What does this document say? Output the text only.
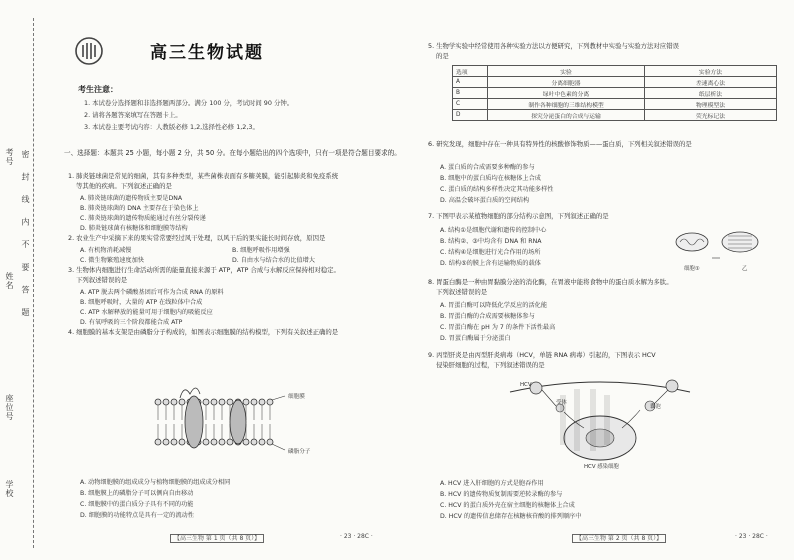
考号
姓名
座位号
密 封 线 内 不 要 答 题
学校
高三生物试题
考生注意：
1. 本试卷分选择题和非选择题两部分。满分 100 分，考试时间 90 分钟。
2. 请将各题答案填写在答题卡上。
3. 本试卷主要考试内容：人教版必修 1,2,选择性必修 1,2,3。
一、选择题：本题共 25 小题，每小题 2 分，共 50 分。在每小题给出的四个选项中，只有一项是符合题目要求的。
1. 肺炎链球菌是常见的细菌，其有多种类型，某些菌株表面有多糖荚膜，能引起肺炎和免疫系统
等其他的疾病。下列叙述正确的是
A. 肺炎链球菌的遗传物质主要是DNA
B. 肺炎链球菌的 DNA 主要存在于染色体上
C. 肺炎链球菌的遗传物质能通过有丝分裂传递
D. 肺炎链球菌有核糖体和细胞膜等结构
2. 农业生产中采摘下来的果实常常要经过风干处理，以风干后的果实能长时间存放，原因是
A. 有机物消耗减慢	B. 细胞呼吸作用增强
C. 微生物繁殖速度加快	D. 自由水与结合水的比值增大
3. 生物体内细胞进行生命活动所需的能量直接来源于 ATP，ATP 合成与水解反应保持相对稳定。
下列叙述错误的是
A. ATP 脱去两个磷酸基团后可作为合成 RNA 的原料
B. 细胞呼吸时，大量的 ATP 在线粒体中合成
C. ATP 水解释放的能量可用于细胞内的吸能反应
D. 有氧呼吸的三个阶段都能合成 ATP
4. 细胞膜的基本支架是由磷脂分子构成的，如图表示细胞膜的结构模型，下列有关叙述正确的是
细胞膜
磷脂分子
A. 动物细胞膜的组成成分与植物细胞膜的组成成分相同
B. 细胞膜上的磷脂分子可以侧向自由移动
C. 细胞膜中的蛋白质分子具有不同的功能
D. 细胞膜的功能特点是具有一定的流动性
【高三生物 第 1 页（共 8 页）】	· 23 · 28C ·
5. 生物学实验中经常使用各种实验方法以方便研究，下列教材中实验与实验方法对应错误
的是
选项	实验	实验方法
A	分离细胞器	差速离心法
B	绿叶中色素的分离	纸层析法
C	制作各种细胞的三维结构模型	物理模型法
D	探究分泌蛋白的合成与运输	荧光标记法
6. 研究发现，细胞中存在一种具有特异性的核酸修饰物质——蛋白质，下列相关叙述错误的是
A. 蛋白质的合成需要多种酶的参与
B. 细胞中的蛋白质均在核糖体上合成
C. 蛋白质的结构多样性决定其功能多样性
D. 高温会破坏蛋白质的空间结构
7. 下图甲表示某植物细胞的部分结构示意图，下列叙述正确的是
A. 结构①是细胞代谢和遗传的控制中心
B. 结构②、③中均含有 DNA 和 RNA
C. 结构④是细胞进行光合作用的场所
D. 结构⑤的膜上含有运输物质的载体
细胞①	乙
8. 胃蛋白酶是一种由胃黏膜分泌的消化酶，在胃液中能将食物中的蛋白质水解为多肽。
下列叙述错误的是
A. 胃蛋白酶可以降低化学反应的活化能
B. 胃蛋白酶的合成需要核糖体参与
C. 胃蛋白酶在 pH 为 7 的条件下活性最高
D. 胃蛋白酶属于分泌蛋白
9. 丙型肝炎是由丙型肝炎病毒（HCV，单链 RNA 病毒）引起的，下图表示 HCV
侵染肝细胞的过程，下列叙述错误的是
HCV
受体
囊泡
HCV 感染细胞
A. HCV 进入肝细胞的方式是胞吞作用
B. HCV 的遗传物质复制需要逆转录酶的参与
C. HCV 的蛋白质外壳在宿主细胞的核糖体上合成
D. HCV 的遗传信息储存在核糖核苷酸的排列顺序中
【高三生物 第 2 页（共 8 页）】	· 23 · 28C ·
